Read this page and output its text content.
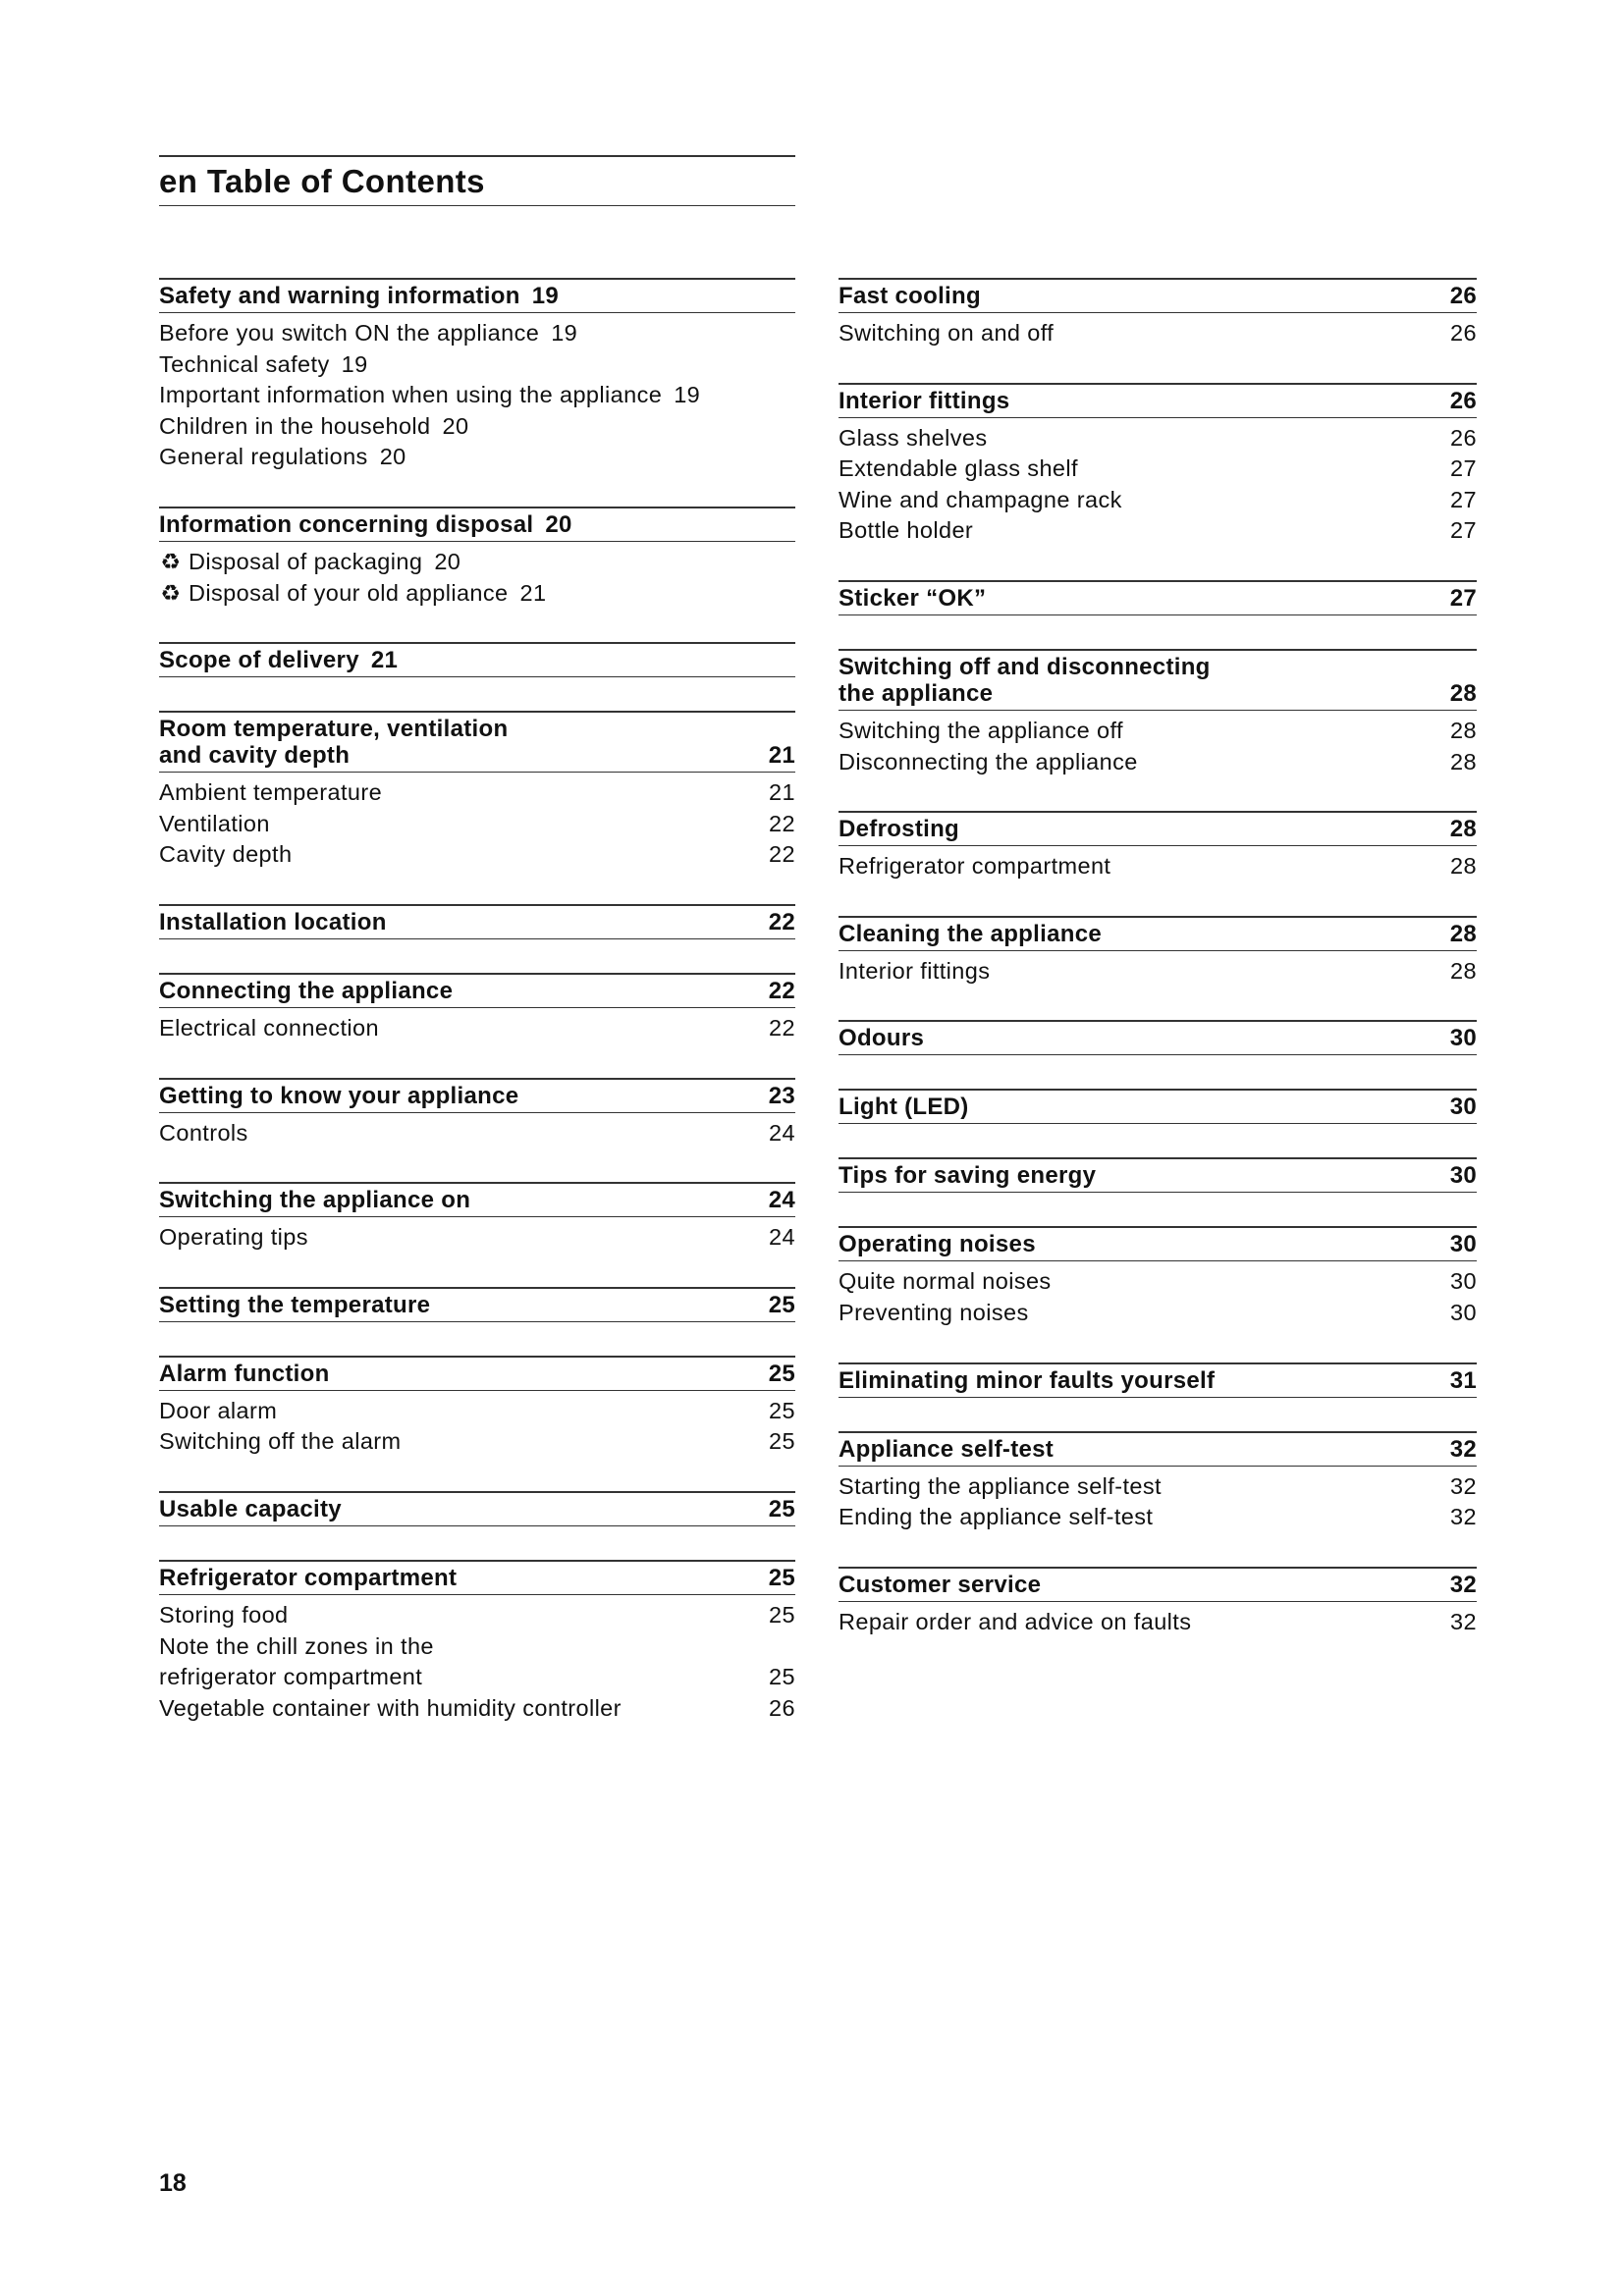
en Table of Contents
Safety and warning information 19
Before you switch ON the appliance 19
Technical safety 19
Important information when using the appliance 19
Children in the household 20
General regulations 20
Information concerning disposal 20
♻ Disposal of packaging 20
♻ Disposal of your old appliance 21
Scope of delivery 21
Room temperature, ventilation
and cavity depth	21
Ambient temperature	21
Ventilation	22
Cavity depth	22
Installation location	22
Connecting the appliance	22
Electrical connection	22
Getting to know your appliance	23
Controls	24
Switching the appliance on	24
Operating tips	24
Setting the temperature	25
Alarm function	25
Door alarm	25
Switching off the alarm	25
Usable capacity	25
Refrigerator compartment	25
Storing food	25
Note the chill zones in the
refrigerator compartment	25
Vegetable container with humidity controller	26
Fast cooling	26
Switching on and off	26
Interior fittings	26
Glass shelves	26
Extendable glass shelf	27
Wine and champagne rack	27
Bottle holder	27
Sticker “OK”	27
Switching off and disconnecting
the appliance	28
Switching the appliance off	28
Disconnecting the appliance	28
Defrosting	28
Refrigerator compartment	28
Cleaning the appliance	28
Interior fittings	28
Odours	30
Light (LED)	30
Tips for saving energy	30
Operating noises	30
Quite normal noises	30
Preventing noises	30
Eliminating minor faults yourself	31
Appliance self-test	32
Starting the appliance self-test	32
Ending the appliance self-test	32
Customer service	32
Repair order and advice on faults	32
18
